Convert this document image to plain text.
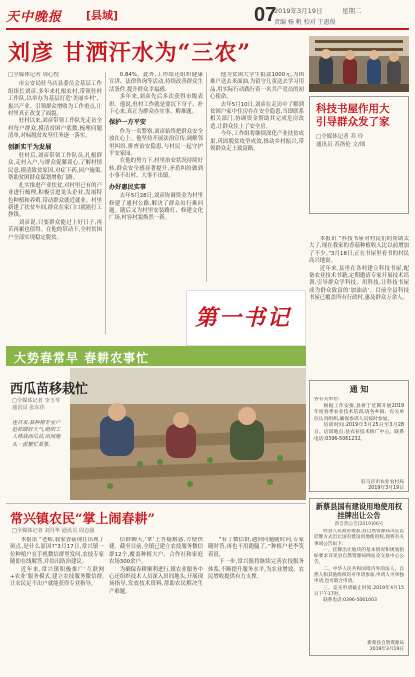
天中晚报 [县域]	07
2019年3月19日	星期二
责编 杨 帆 校对 王惠俊
刘彦 甘洒汗水为“三农”
□全媒体记者 周心悦

市公安局驻马店县委员会基层工作组组长刘彦,多年来扎根农村,带领驻村工作队,以举办为基层打造‘美丽乡村’、振兴产业、引领群众增收为工作重点,让村里真正改变了面貌。

驻村以来,刘彦带领工作队先走访全村每户群众,摸清贫困户底数,梳理问题清单,对标脱贫攻坚任务逐一落实。

创新实干为发展

驻村后,刘彦带领工作队员,扎根群众,走村入户,与群众促膝谈心,了解村情民意,摸清致贫原因,对症下药,因户施策,帮助贫困群众谋划增收门路。

扎实推进产业扶贫,对村里已有的产业进行梳理,积极引进龙头企业,发展特色种植和养殖,带动群众就近就业。村里新建了扶贫车间,群众在家门口就能打工挣钱。

刘彦说,只要群众能过上好日子,再苦再累也值得。在他的带动下,全村贫困户全部实现稳定脱贫。

0.84%。此外,工作组还组织健康宣讲、法律咨询等活动,持续改善群众生活条件,提升群众幸福感。

多年来,刘彦先后多次获得市级表彰。他说,驻村工作就是要沉下身子、扑下心来,真正为群众办实事、解难题。

保护一方平安

作为一名警察,刘彦始终把群众安全放在心上。他坚持开展法治宣传,调解邻里纠纷,排查治安隐患,与村民一起守护平安家园。

在他的努力下,村里治安状况持续好转,群众安全感显著提升,矛盾纠纷做到小事不出村、大事不出镇。

办好惠民实事

去年5月28日,刘彦协调资金为村里修建了通村公路,解决了群众出行难问题。随后又为村里安装路灯、修建文化广场,村容村貌焕然一新。

他为贫困大学生捐款1000元,为困难户送去米面油,为留守儿童送去学习用品,用实际行动践行着一名共产党员的初心使命。

去年5月10日,刘彦在走访中了解到贫困户家中住房存在安全隐患,当即联系相关部门,协调资金帮助其完成危房改造,让群众住上了安全房。

今年,工作组将继续深化产业扶贫成果,巩固脱贫攻坚成效,推动乡村振兴,带领群众走上致富路。

科技书屋作用大 引导群众发了家
□全媒体记者 乔 玲
通讯员 苏洛伦 文/图

本报讯 “科技书屋对村民们的帮助太大了,现在我家的香菇种植收入比以前增加了不少。”3月18日,正在书屋里看书的村民高兴地说。

近年来,县里在各村建立科技书屋,配备农业技术书籍,定期邀请专家开展技术培训,引导群众学科技、用科技,让科技书屋成为群众致富的‘加油站’。目前全县科技书屋已覆盖所有行政村,惠及群众万余人。

第一书记
大势春常早 春耕农事忙
西瓜苗移栽忙
□全媒体记者 李玉琴
通讯员 张东伟
连日来,县种植专业户抢抓晴好天气,组织工人移栽西瓜苗,田间地头一派繁忙景象。
常兴镇农民“掌上闹春耕”
□全媒体记者 刘丹华 通讯员 周志强

本报讯 “老师,我家香菇现在出现了斑点,是什么原因?”3月17日,常兴镇一位种植户在手机微信群里发问,农技专家随即在线解答,并给出防治建议。

近年来,常兴镇积极推广‘互联网+农业’服务模式,建立农技服务微信群,让农民足不出户就能获得专业指导。

信群聊天,‘掌’上答疑解惑,方便快捷。截至目前,全镇已建立农技服务微信群12个,覆盖种植大户、合作社和家庭农场300余户。

为确保春耕顺利进行,镇农业服务中心还组织技术人员深入田间地头,开展现场指导,发放技术资料,帮助农民解决生产难题。

“有了微信群,遇到问题随时问,专家随时答,再也不用跑腿了。”种植户老李笑着说。

下一步,常兴镇将继续完善农技服务体系,不断提升服务水平,为农业增效、农民增收提供有力支撑。

通 知

各有关单位:

根据工作安排,县将于近期开展2019年度春季农业技术培训,请各乡镇、有关单位认真组织,确保参训人员按时参加。

培训时间:2019年3月25日至3月28日。培训地点:县农业技术推广中心。联系电话:0396-5061232。

驻马店市农业农村局
2019年3月19日
新蔡县国有建设用地使用权挂牌出让公告
新自然公告[2019]06号

经县人民政府批准,县自然资源局决定以挂牌方式出让国有建设用地使用权,现将有关事项公告如下:

一、挂牌出让地块的基本情况和规划指标要求详见县自然资源局网站及交易中心公告。

二、中华人民共和国境内外的法人、自然人和其他组织均可申请参加,申请人可单独申请,也可联合申请。

三、竞买申请截止时间:2019年4月15日下午17时。

联系电话:0396-5061003

新蔡县自然资源局
2019年3月19日
